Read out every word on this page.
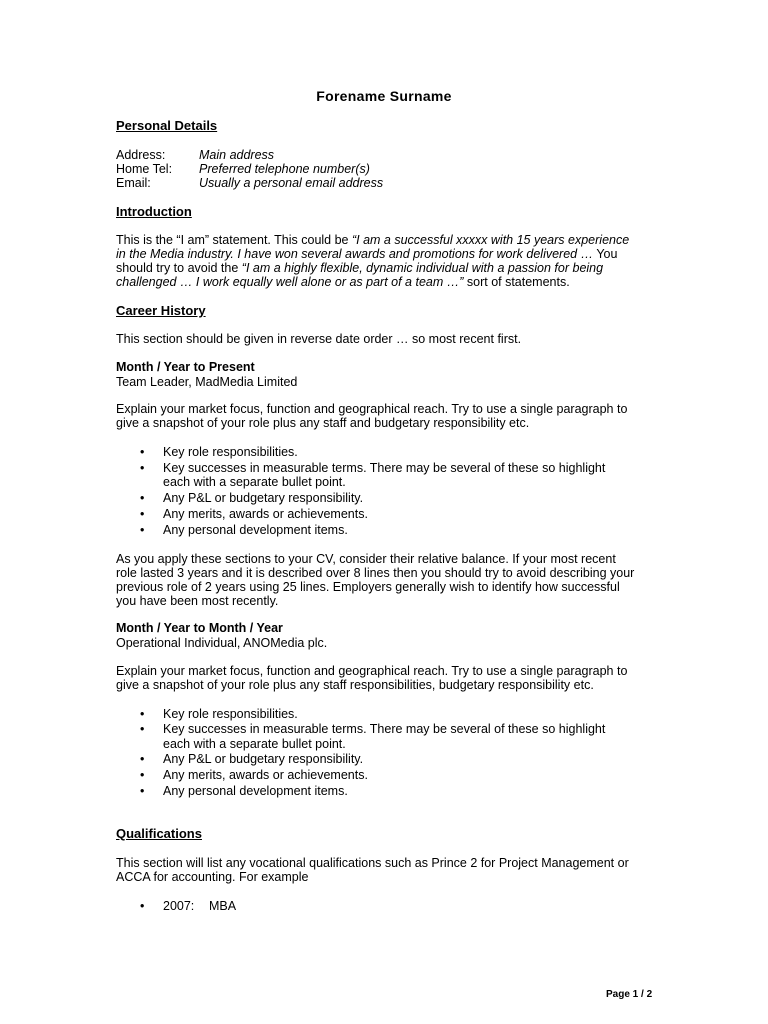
Forename Surname
Personal Details
Address:	Main address
Home Tel: Preferred telephone number(s)
Email:	Usually a personal email address
Introduction
This is the “I am” statement. This could be “I am a successful xxxxx with 15 years experience
in the Media industry. I have won several awards and promotions for work delivered … You
should try to avoid the “I am a highly flexible, dynamic individual with a passion for being
challenged … I work equally well alone or as part of a team …” sort of statements.
Career History
This section should be given in reverse date order … so most recent first.
Month / Year to Present
Team Leader, MadMedia Limited
Explain your market focus, function and geographical reach. Try to use a single paragraph to
give a snapshot of your role plus any staff and budgetary responsibility etc.
• Key role responsibilities.
• Key successes in measurable terms. There may be several of these so highlight
each with a separate bullet point.
• Any P&L or budgetary responsibility.
• Any merits, awards or achievements.
• Any personal development items.
As you apply these sections to your CV, consider their relative balance. If your most recent
role lasted 3 years and it is described over 8 lines then you should try to avoid describing your
previous role of 2 years using 25 lines. Employers generally wish to identify how successful
you have been most recently.
Month / Year to Month / Year
Operational Individual, ANOMedia plc.
Explain your market focus, function and geographical reach. Try to use a single paragraph to
give a snapshot of your role plus any staff responsibilities, budgetary responsibility etc.
• Key role responsibilities.
• Key successes in measurable terms. There may be several of these so highlight
each with a separate bullet point.
• Any P&L or budgetary responsibility.
• Any merits, awards or achievements.
• Any personal development items.
Qualifications
This section will list any vocational qualifications such as Prince 2 for Project Management or
ACCA for accounting. For example
• 2007: MBA
Page 1 / 2
